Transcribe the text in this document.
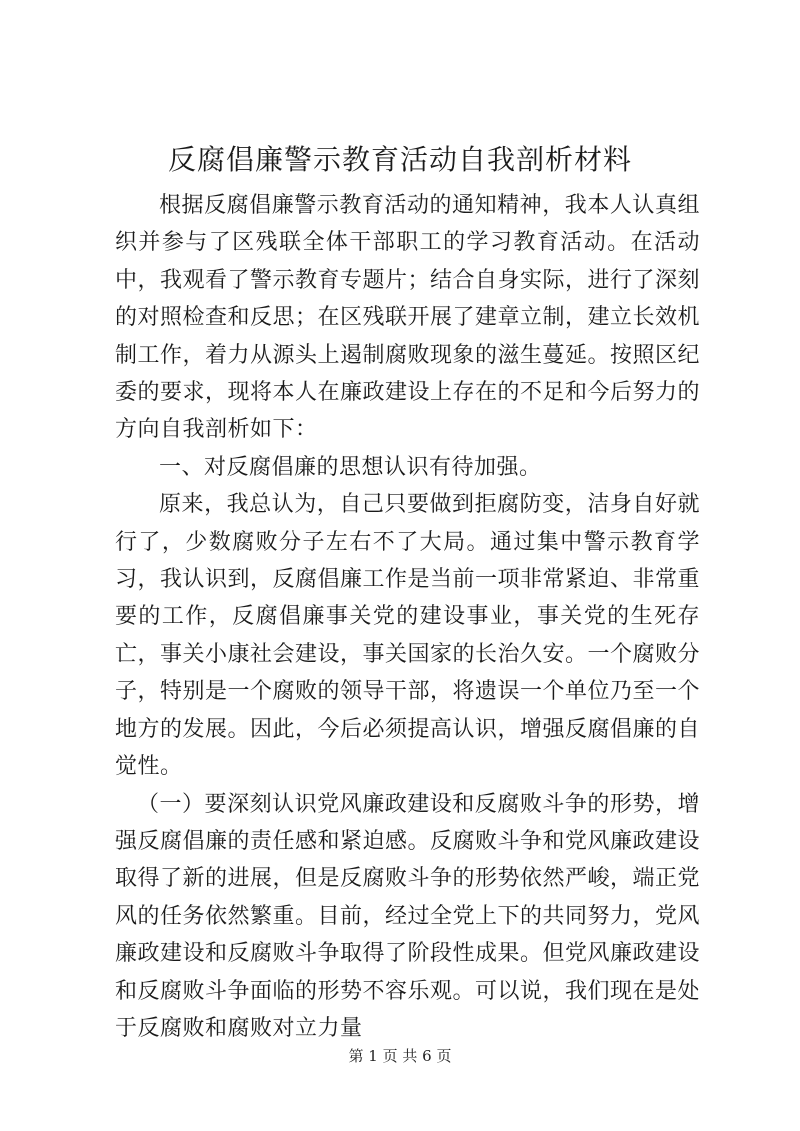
反腐倡廉警示教育活动自我剖析材料

根据反腐倡廉警示教育活动的通知精神，我本人认真组织并参与了区残联全体干部职工的学习教育活动。在活动中，我观看了警示教育专题片；结合自身实际，进行了深刻的对照检查和反思；在区残联开展了建章立制，建立长效机制工作，着力从源头上遏制腐败现象的滋生蔓延。按照区纪委的要求，现将本人在廉政建设上存在的不足和今后努力的方向自我剖析如下：

一、对反腐倡廉的思想认识有待加强。

原来，我总认为，自己只要做到拒腐防变，洁身自好就行了，少数腐败分子左右不了大局。通过集中警示教育学习，我认识到，反腐倡廉工作是当前一项非常紧迫、非常重要的工作，反腐倡廉事关党的建设事业，事关党的生死存亡，事关小康社会建设，事关国家的长治久安。一个腐败分子，特别是一个腐败的领导干部，将遗误一个单位乃至一个地方的发展。因此，今后必须提高认识，增强反腐倡廉的自觉性。

（一）要深刻认识党风廉政建设和反腐败斗争的形势，增强反腐倡廉的责任感和紧迫感。反腐败斗争和党风廉政建设取得了新的进展，但是反腐败斗争的形势依然严峻，端正党风的任务依然繁重。目前，经过全党上下的共同努力，党风廉政建设和反腐败斗争取得了阶段性成果。但党风廉政建设和反腐败斗争面临的形势不容乐观。可以说，我们现在是处于反腐败和腐败对立力量

第 1 页 共 6 页
